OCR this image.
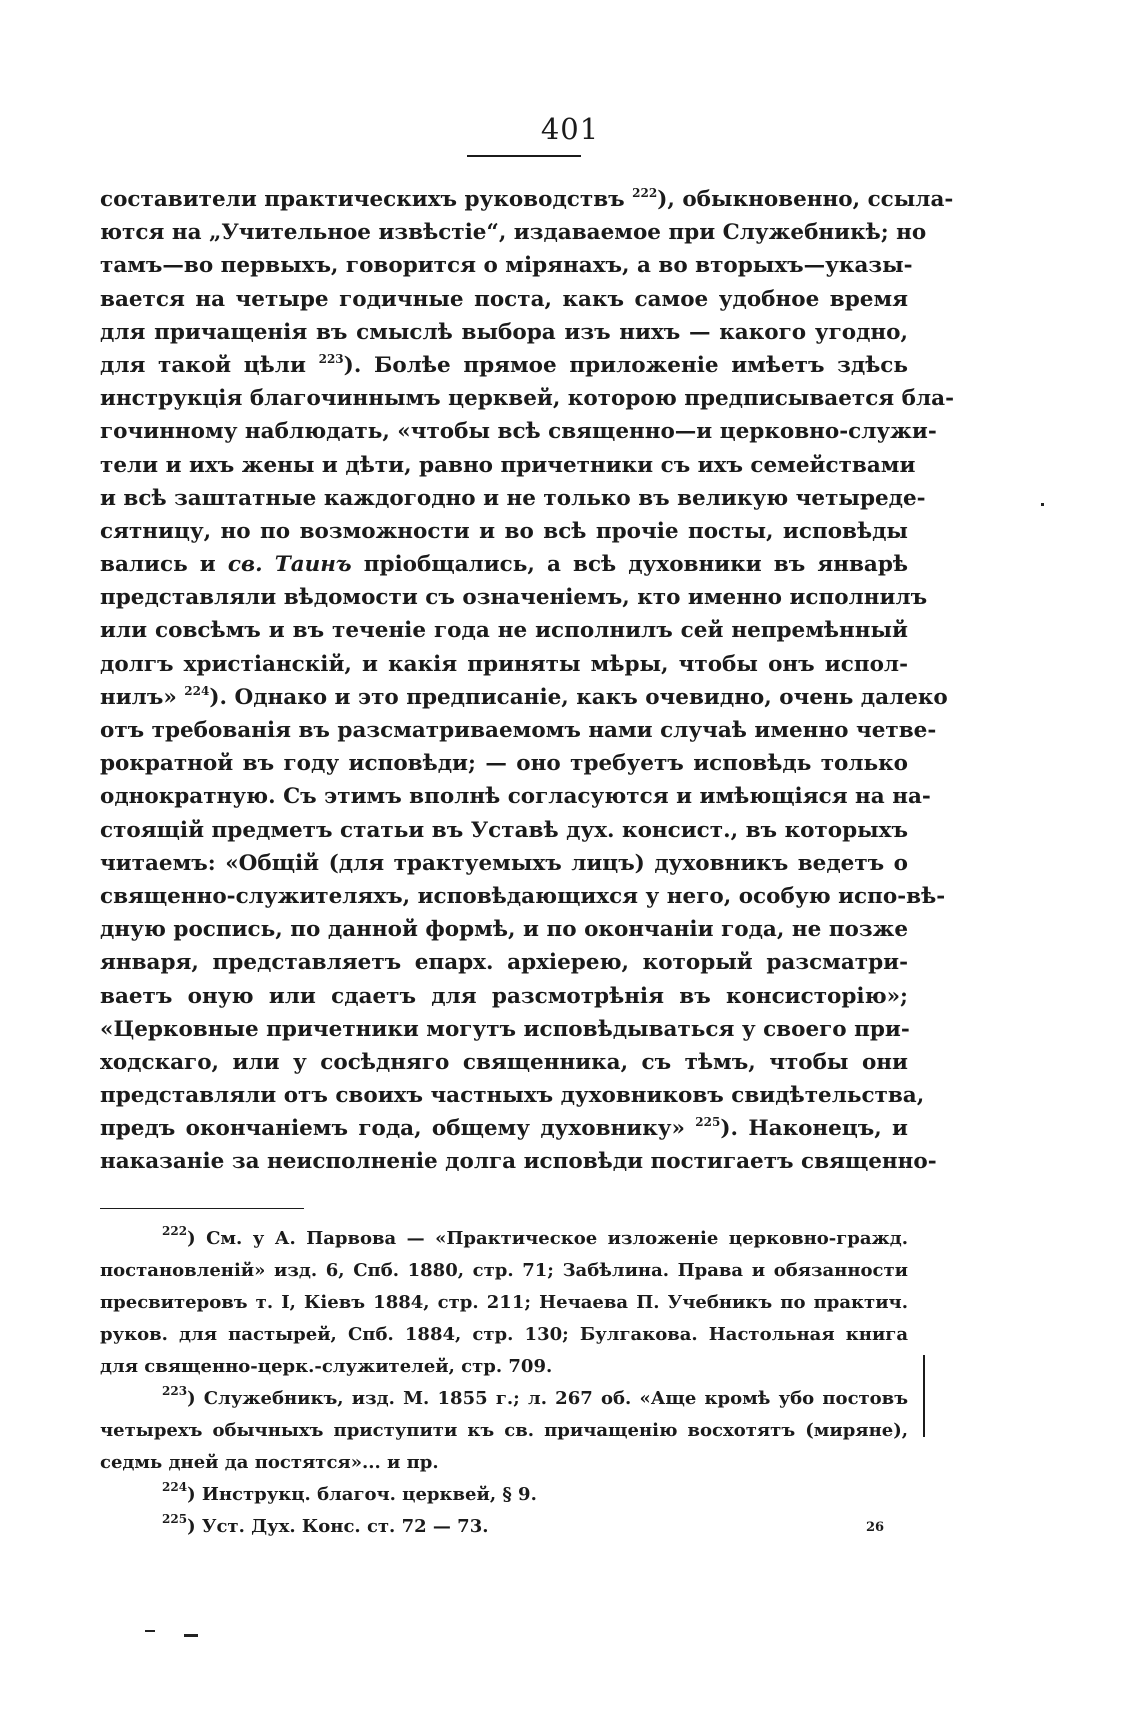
401
составители практическихъ руководствъ $^{222}$), обыкновенно, ссыла-
ются на „Учительное извѣстіе“, издаваемое при Служебникѣ; но
тамъ—во первыхъ, говорится о мірянахъ, а во вторыхъ—указы-
вается на четыре годичные поста, какъ самое удобное время
для причащенія въ смыслѣ выбора изъ нихъ — какого угодно,
для такой цѣли $^{223}$). Болѣе прямое приложеніе имѣетъ здѣсь
инструкція благочиннымъ церквей, которою предписывается бла-
гочинному наблюдать, «чтобы всѣ священно—и церковно-служи-
тели и ихъ жены и дѣти, равно причетники съ ихъ семействами
и всѣ заштатные каждогодно и не только въ великую четыреде-
сятницу, но по возможности и во всѣ прочіе посты, исповѣды
вались и св. Таинъ пріобщались, а всѣ духовники въ январѣ
представляли вѣдомости съ означеніемъ, кто именно исполнилъ
или совсѣмъ и въ теченіе года не исполнилъ сей непремѣнный
долгъ христіанскій, и какія приняты мѣры, чтобы онъ испол-
нилъ» $^{224}$). Однако и это предписаніе, какъ очевидно, очень далеко
отъ требованія въ разсматриваемомъ нами случаѣ именно четве-
рократной въ году исповѣди; — оно требуетъ исповѣдь только
однократную. Съ этимъ вполнѣ согласуются и имѣющіяся на на-
стоящій предметъ статьи въ Уставѣ дух. консист., въ которыхъ
читаемъ: «Общій (для трактуемыхъ лицъ) духовникъ ведетъ о
священно-служителяхъ, исповѣдающихся у него, особую испо-вѣ-
дную роспись, по данной формѣ, и по окончаніи года, не позже
января, представляетъ епарх. архіерею, который разсматри-
ваетъ оную или сдаетъ для разсмотрѣнія въ консисторію»;
«Церковные причетники могутъ исповѣдываться у своего при-
ходскаго, или у сосѣдняго священника, съ тѣмъ, чтобы они
представляли отъ своихъ частныхъ духовниковъ свидѣтельства,
предъ окончаніемъ года, общему духовнику» $^{225}$). Наконецъ, и
наказаніе за неисполненіе долга исповѣди постигаетъ священно-
$^{222}$) См. у А. Парвова — «Практическое изложеніе церковно-гражд.
постановленій» изд. 6, Спб. 1880, стр. 71; Забѣлина. Права и обязанности
пресвитеровъ т. I, Кіевъ 1884, стр. 211; Нечаева П. Учебникъ по практич.
руков. для пастырей, Спб. 1884, стр. 130; Булгакова. Настольная книга
для священно-церк.-служителей, стр. 709.
$^{223}$) Служебникъ, изд. М. 1855 г.; л. 267 об. «Аще кромѣ убо постовъ
четырехъ обычныхъ приступити къ св. причащенію восхотятъ (миряне),
седмь дней да постятся»... и пр.
$^{224}$) Инструкц. благоч. церквей, § 9.
$^{225}$) Уст. Дух. Конс. ст. 72 — 73.	26
